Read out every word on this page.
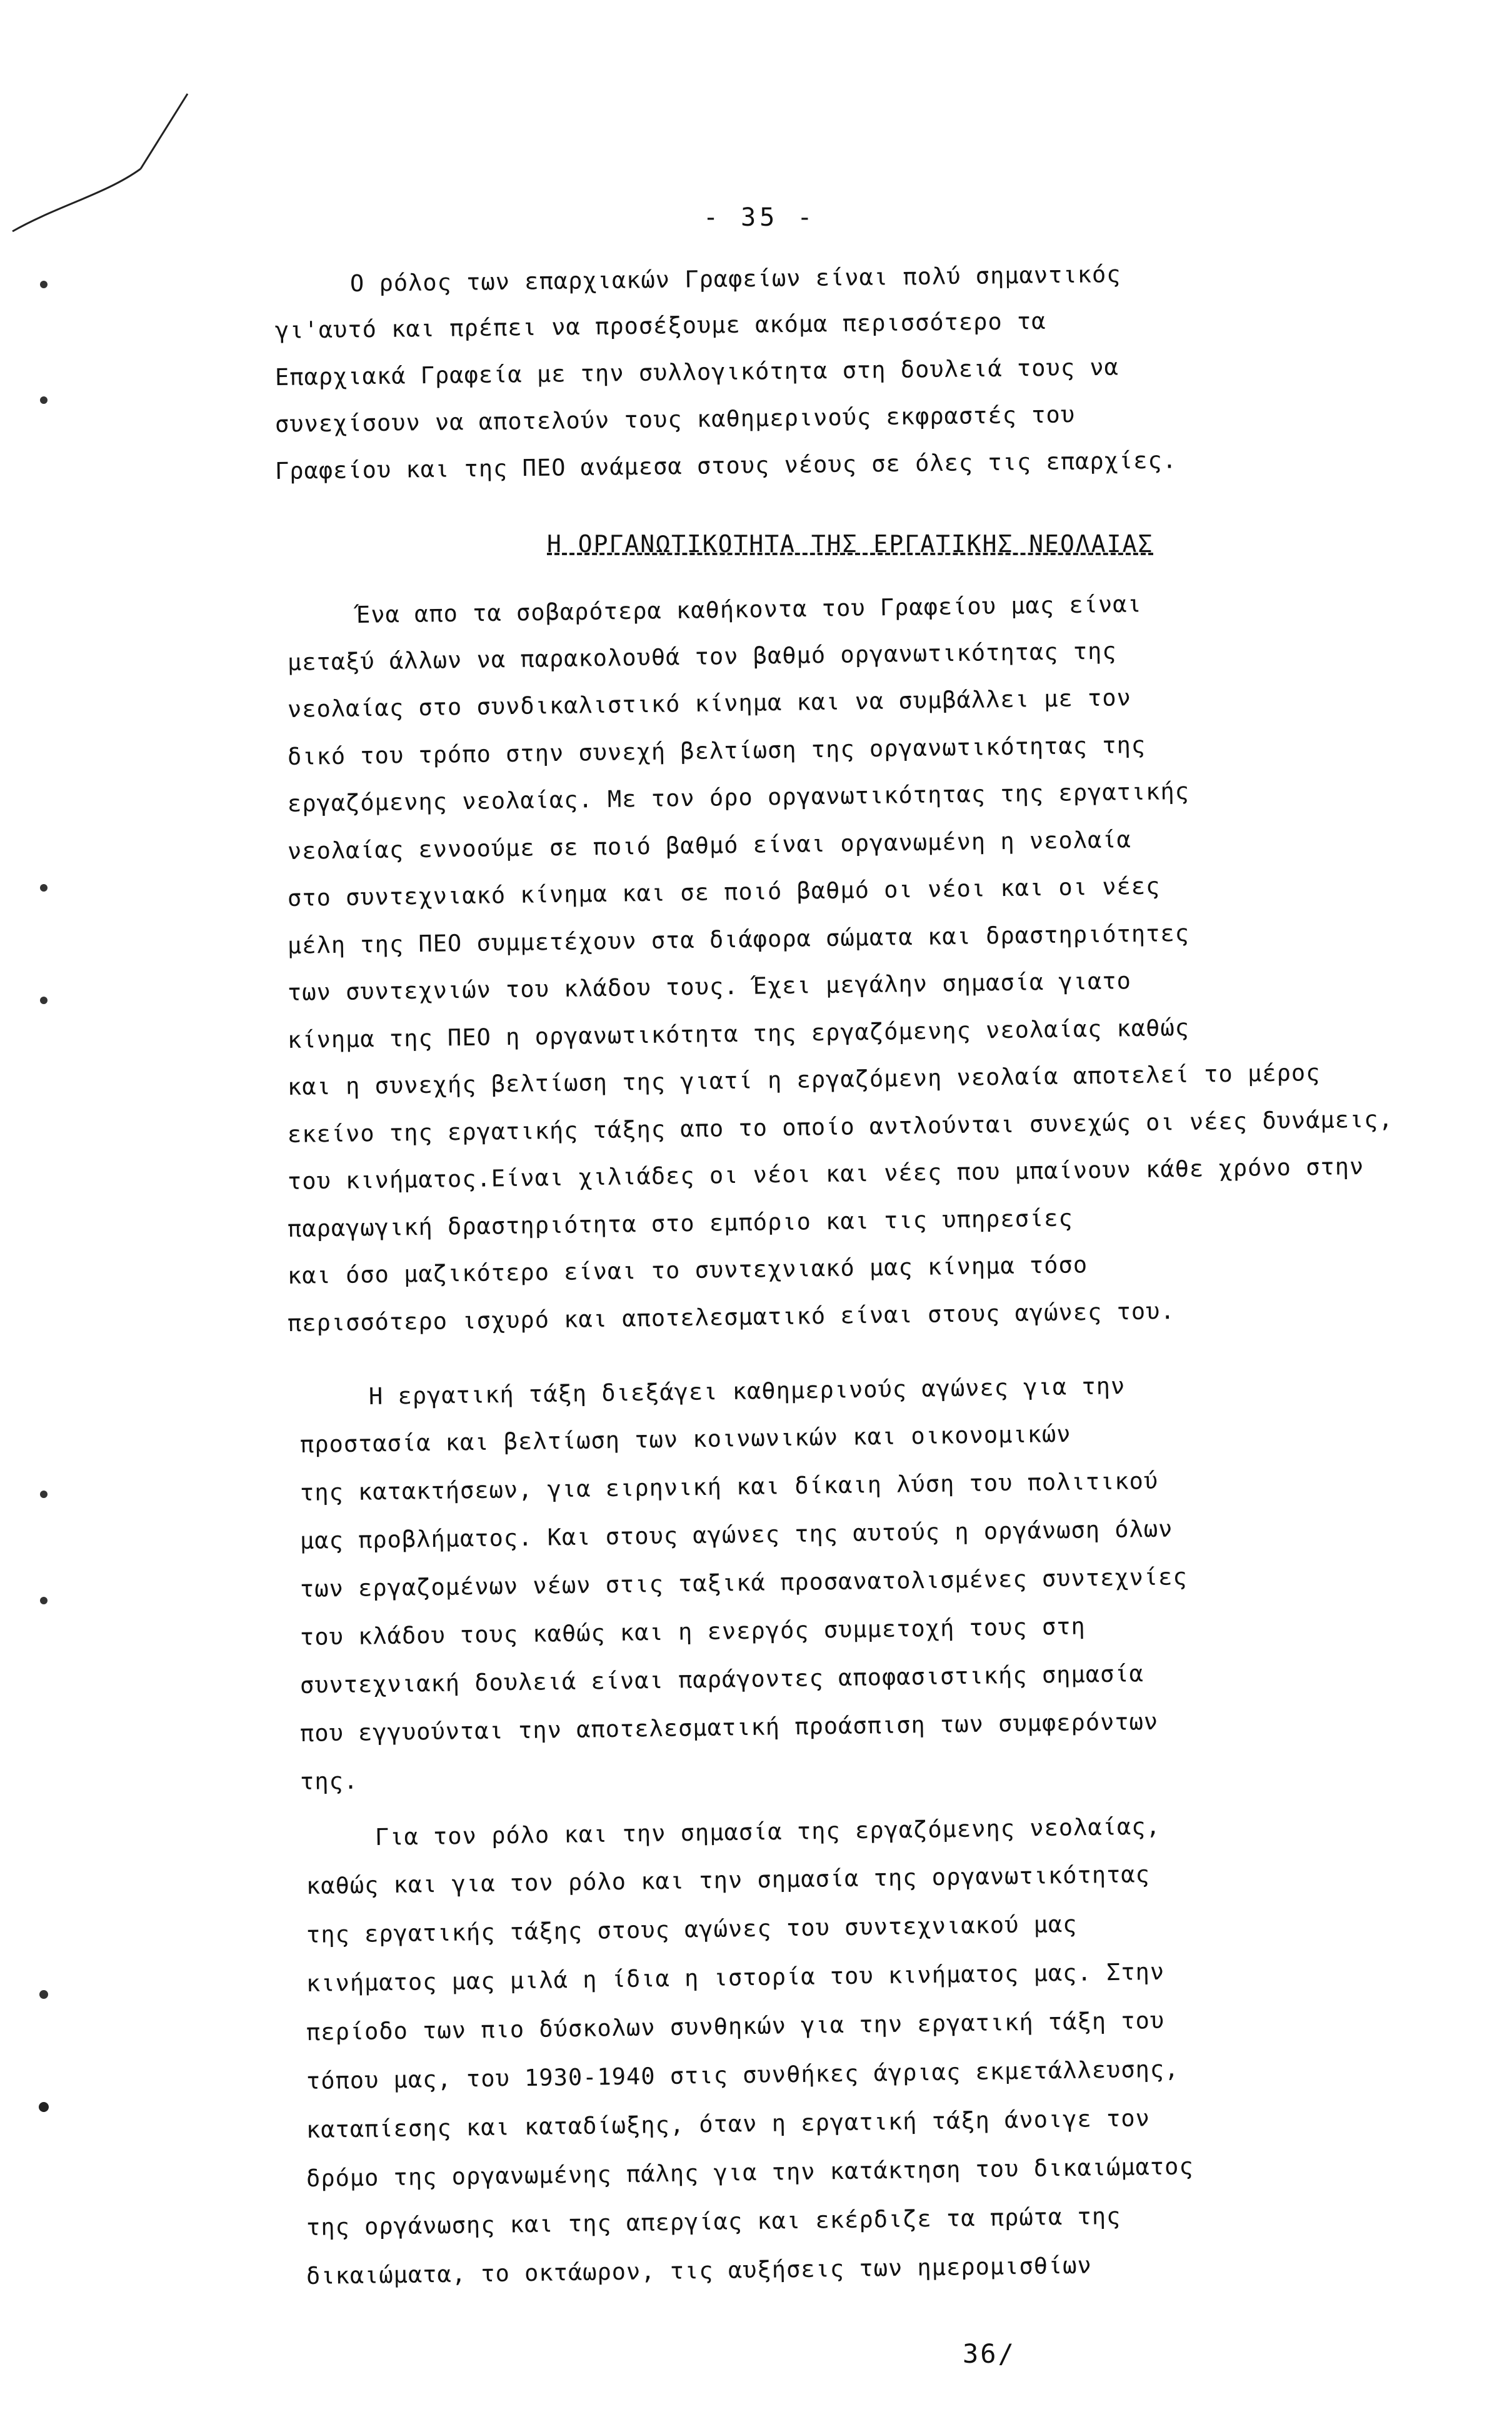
- 35 -
Ο ρόλος των επαρχιακών Γραφείων είναι πολύ σημαντικός
γι'αυτό και πρέπει να προσέξουμε ακόμα περισσότερο τα
Επαρχιακά Γραφεία με την συλλογικότητα στη δουλειά τους να
συνεχίσουν να αποτελούν τους καθημερινούς εκφραστές του
Γραφείου και της ΠΕΟ ανάμεσα στους νέους σε όλες τις επαρχίες.
Η ΟΡΓΑΝΩΤΙΚΟΤΗΤΑ ΤΗΣ ΕΡΓΑΤΙΚΗΣ ΝΕΟΛΑΙΑΣ
Ένα απο τα σοβαρότερα καθήκοντα του Γραφείου μας είναι
μεταξύ άλλων να παρακολουθά τον βαθμό οργανωτικότητας της
νεολαίας στο συνδικαλιστικό κίνημα και να συμβάλλει με τον
δικό του τρόπο στην συνεχή βελτίωση της οργανωτικότητας της
εργαζόμενης νεολαίας. Με τον όρο οργανωτικότητας της εργατικής
νεολαίας εννοούμε σε ποιό βαθμό είναι οργανωμένη η νεολαία
στο συντεχνιακό κίνημα και σε ποιό βαθμό οι νέοι και οι νέες
μέλη της ΠΕΟ συμμετέχουν στα διάφορα σώματα και δραστηριότητες
των συντεχνιών του κλάδου τους. Έχει μεγάλην σημασία γιατο
κίνημα της ΠΕΟ η οργανωτικότητα της εργαζόμενης νεολαίας καθώς
και η συνεχής βελτίωση της γιατί η εργαζόμενη νεολαία αποτελεί το μέρος
εκείνο της εργατικής τάξης απο το οποίο αντλούνται συνεχώς οι νέες δυνάμεις,
του κινήματος.Είναι χιλιάδες οι νέοι και νέες που μπαίνουν κάθε χρόνο στην
παραγωγική δραστηριότητα στο εμπόριο και τις υπηρεσίες
και όσο μαζικότερο είναι το συντεχνιακό μας κίνημα τόσο
περισσότερο ισχυρό και αποτελεσματικό είναι στους αγώνες του.
Η εργατική τάξη διεξάγει καθημερινούς αγώνες για την
προστασία και βελτίωση των κοινωνικών και οικονομικών
της κατακτήσεων, για ειρηνική και δίκαιη λύση του πολιτικού
μας προβλήματος. Και στους αγώνες της αυτούς η οργάνωση όλων
των εργαζομένων νέων στις ταξικά προσανατολισμένες συντεχνίες
του κλάδου τους καθώς και η ενεργός συμμετοχή τους στη
συντεχνιακή δουλειά είναι παράγοντες αποφασιστικής σημασία
που εγγυούνται την αποτελεσματική προάσπιση των συμφερόντων
της.
Για τον ρόλο και την σημασία της εργαζόμενης νεολαίας,
καθώς και για τον ρόλο και την σημασία της οργανωτικότητας
της εργατικής τάξης στους αγώνες του συντεχνιακού μας
κινήματος μας μιλά η ίδια η ιστορία του κινήματος μας. Στην
περίοδο των πιο δύσκολων συνθηκών για την εργατική τάξη του
τόπου μας, του 1930-1940 στις συνθήκες άγριας εκμετάλλευσης,
καταπίεσης και καταδίωξης, όταν η εργατική τάξη άνοιγε τον
δρόμο της οργανωμένης πάλης για την κατάκτηση του δικαιώματος
της οργάνωσης και της απεργίας και εκέρδιζε τα πρώτα της
δικαιώματα, το οκτάωρον, τις αυξήσεις των ημερομισθίων
36/
